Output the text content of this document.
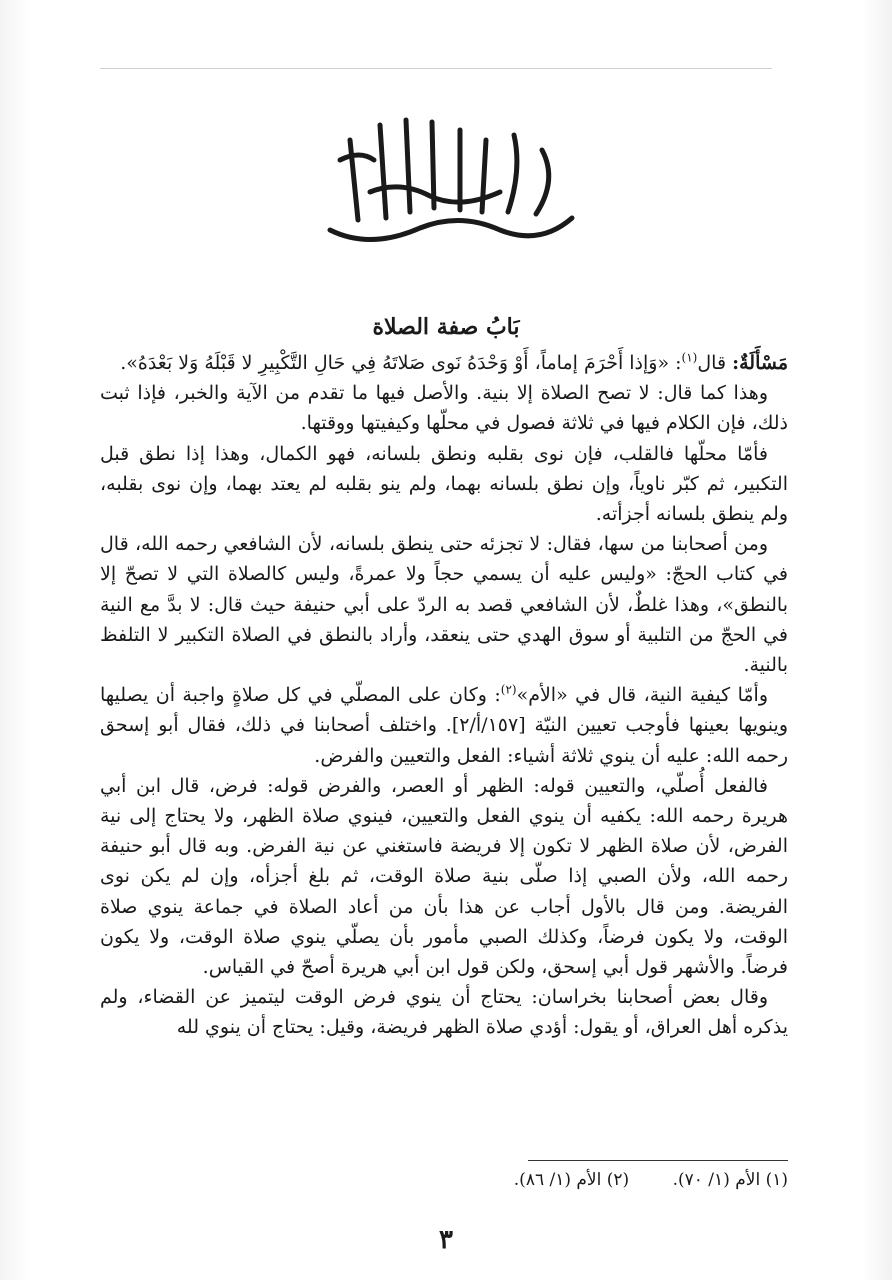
بسم الله الرحمن الرحيم
بَابُ صفة الصلاة

مَسْأَلَةٌ: قال$^{(١)}$: «وَإذا أَحْرَمَ إماماً، أَوْ وَحْدَهُ نَوى صَلاتَهُ فِي حَالِ التَّكْبِيرِ لا قَبْلَهُ وَلا بَعْدَهُ».

وهذا كما قال: لا تصح الصلاة إلا بنية. والأصل فيها ما تقدم من الآية والخبر، فإذا ثبت ذلك، فإن الكلام فيها في ثلاثة فصول في محلّها وكيفيتها ووقتها.

فأمّا محلّها فالقلب، فإن نوى بقلبه ونطق بلسانه، فهو الكمال، وهذا إذا نطق قبل التكبير، ثم كبّر ناوياً، وإن نطق بلسانه بهما، ولم ينو بقلبه لم يعتد بهما، وإن نوى بقلبه، ولم ينطق بلسانه أجزأته.

ومن أصحابنا من سها، فقال: لا تجزئه حتى ينطق بلسانه، لأن الشافعي رحمه الله، قال في كتاب الحجّ: «وليس عليه أن يسمي حجاً ولا عمرةً، وليس كالصلاة التي لا تصحّ إلا بالنطق»، وهذا غلطٌ، لأن الشافعي قصد به الردّ على أبي حنيفة حيث قال: لا بدَّ مع النية في الحجّ من التلبية أو سوق الهدي حتى ينعقد، وأراد بالنطق في الصلاة التكبير لا التلفظ بالنية.

وأمّا كيفية النية، قال في «الأم»$^{(٢)}$: وكان على المصلّي في كل صلاةٍ واجبة أن يصليها وينويها بعينها فأوجب تعيين النيّة [١٥٧/أ/٢]. واختلف أصحابنا في ذلك، فقال أبو إسحق رحمه الله: عليه أن ينوي ثلاثة أشياء: الفعل والتعيين والفرض.

فالفعل أُصلّي، والتعيين قوله: الظهر أو العصر، والفرض قوله: فرض، قال ابن أبي هريرة رحمه الله: يكفيه أن ينوي الفعل والتعيين، فينوي صلاة الظهر، ولا يحتاج إلى نية الفرض، لأن صلاة الظهر لا تكون إلا فريضة فاستغني عن نية الفرض. وبه قال أبو حنيفة رحمه الله، ولأن الصبي إذا صلّى بنية صلاة الوقت، ثم بلغ أجزأه، وإن لم يكن نوى الفريضة. ومن قال بالأول أجاب عن هذا بأن من أعاد الصلاة في جماعة ينوي صلاة الوقت، ولا يكون فرضاً، وكذلك الصبي مأمور بأن يصلّي ينوي صلاة الوقت، ولا يكون فرضاً. والأشهر قول أبي إسحق، ولكن قول ابن أبي هريرة أصحّ في القياس.

وقال بعض أصحابنا بخراسان: يحتاج أن ينوي فرض الوقت ليتميز عن القضاء، ولم يذكره أهل العراق، أو يقول: أؤدي صلاة الظهر فريضة، وقيل: يحتاج أن ينوي لله

(١) الأم (١/ ٧٠). (٢) الأم (١/ ٨٦).
٣
